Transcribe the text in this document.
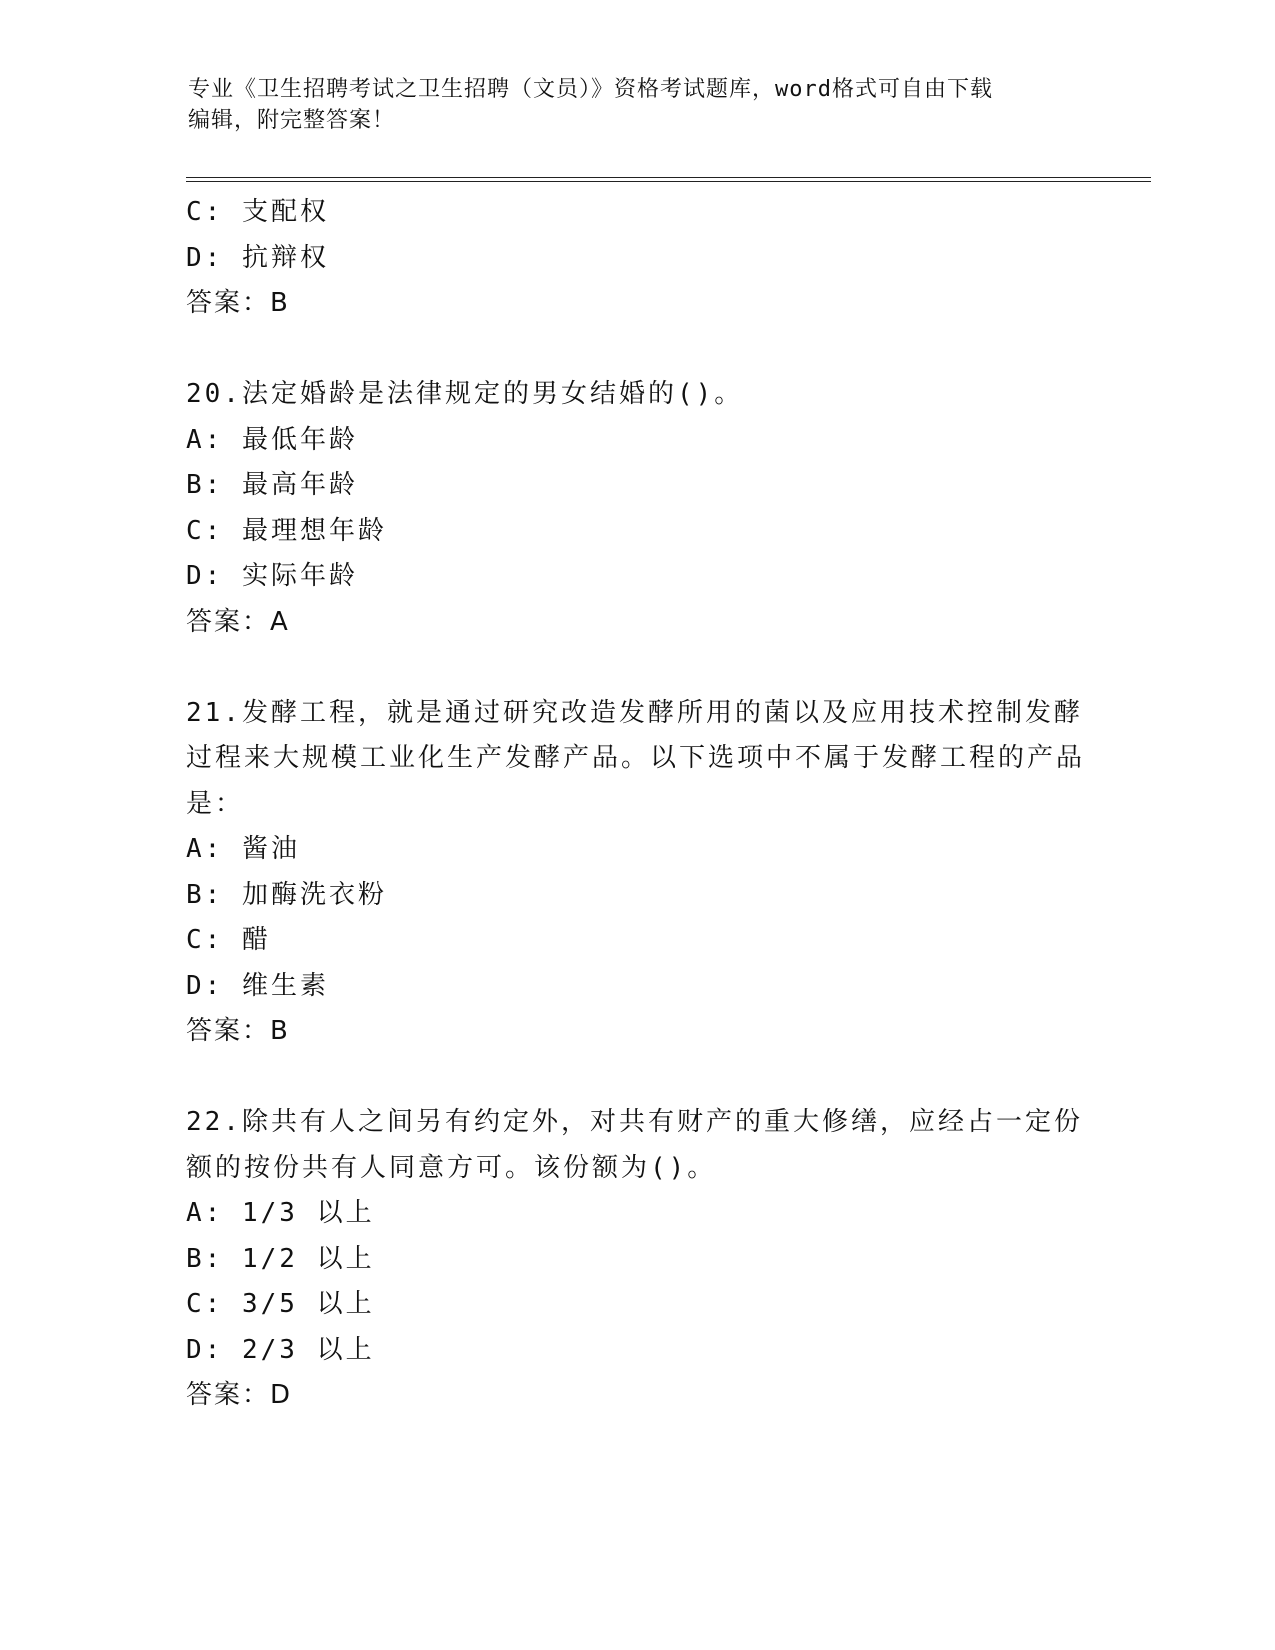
专业《卫生招聘考试之卫生招聘（文员）》资格考试题库，word格式可自由下载
编辑，附完整答案！
C: 支配权
D: 抗辩权
答案：B
20.法定婚龄是法律规定的男女结婚的()。
A: 最低年龄
B: 最高年龄
C: 最理想年龄
D: 实际年龄
答案：A
21.发酵工程，就是通过研究改造发酵所用的菌以及应用技术控制发酵过程来大规模工业化生产发酵产品。以下选项中不属于发酵工程的产品是：
A: 酱油
B: 加酶洗衣粉
C: 醋
D: 维生素
答案：B
22.除共有人之间另有约定外，对共有财产的重大修缮，应经占一定份额的按份共有人同意方可。该份额为()。
A: 1/3 以上
B: 1/2 以上
C: 3/5 以上
D: 2/3 以上
答案：D
